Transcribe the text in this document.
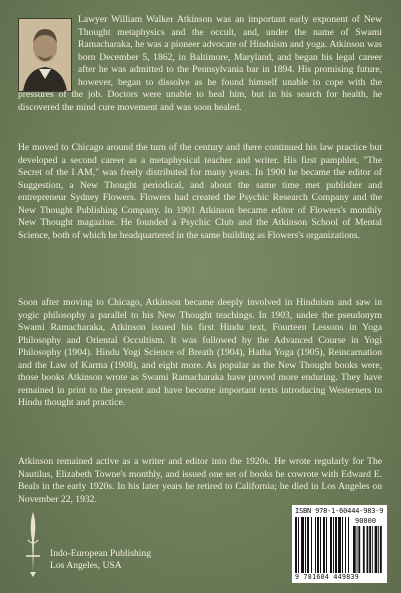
Lawyer William Walker Atkinson was an important early exponent of New Thought metaphysics and the occult, and, under the name of Swami Ramacharaka, he was a pioneer advocate of Hinduism and yoga. Atkinson was born December 5, 1862, in Baltimore, Maryland, and began his legal career after he was admitted to the Pennsylvania bar in 1894. His promising future, however, began to dissolve as he found himself unable to cope with the pressures of the job. Doctors were unable to heal him, but in his search for health, he discovered the mind cure movement and was soon healed.

He moved to Chicago around the turn of the century and there continued his law practice but developed a second career as a metaphysical teacher and writer. His first pamphlet, "The Secret of the I AM," was freely distributed for many years. In 1900 he became the editor of Suggestion, a New Thought periodical, and about the same time met publisher and entrepreneur Sydney Flowers. Flowers had created the Psychic Research Company and the New Thought Publishing Company. In 1901 Atkinson became editor of Flowers's monthly New Thought magazine. He founded a Psychic Club and the Atkinson School of Mental Science, both of which he headquartered in the same building as Flowers's organizations.

Soon after moving to Chicago, Atkinson became deeply involved in Hinduism and saw in yogic philosophy a parallel to his New Thought teachings. In 1903, under the pseudonym Swami Ramacharaka, Atkinson issued his first Hindu text, Fourteen Lessons in Yoga Philosophy and Oriental Occultism. It was followed by the Advanced Course in Yogi Philosophy (1904). Hindu Yogi Science of Breath (1904), Hatha Yoga (1905), Reincarnation and the Law of Karma (1908), and eight more. As popular as the New Thought books were, those books Atkinson wrote as Swami Ramacharaka have proved more enduring. They have remained in print to the present and have become important texts introducing Westerners to Hindu thought and practice.

Atkinson remained active as a writer and editor into the 1920s. He wrote regularly for The Nautilus, Elizabeth Towne's monthly, and issued one set of books he cowrote with Edward E. Beals in the early 1920s. In his later years he retired to California; he died in Los Angeles on November 22, 1932.

Indo-European Publishing
Los Angeles, USA
ISBN 978-1-60444-983-9
90000
9 781604 449839
